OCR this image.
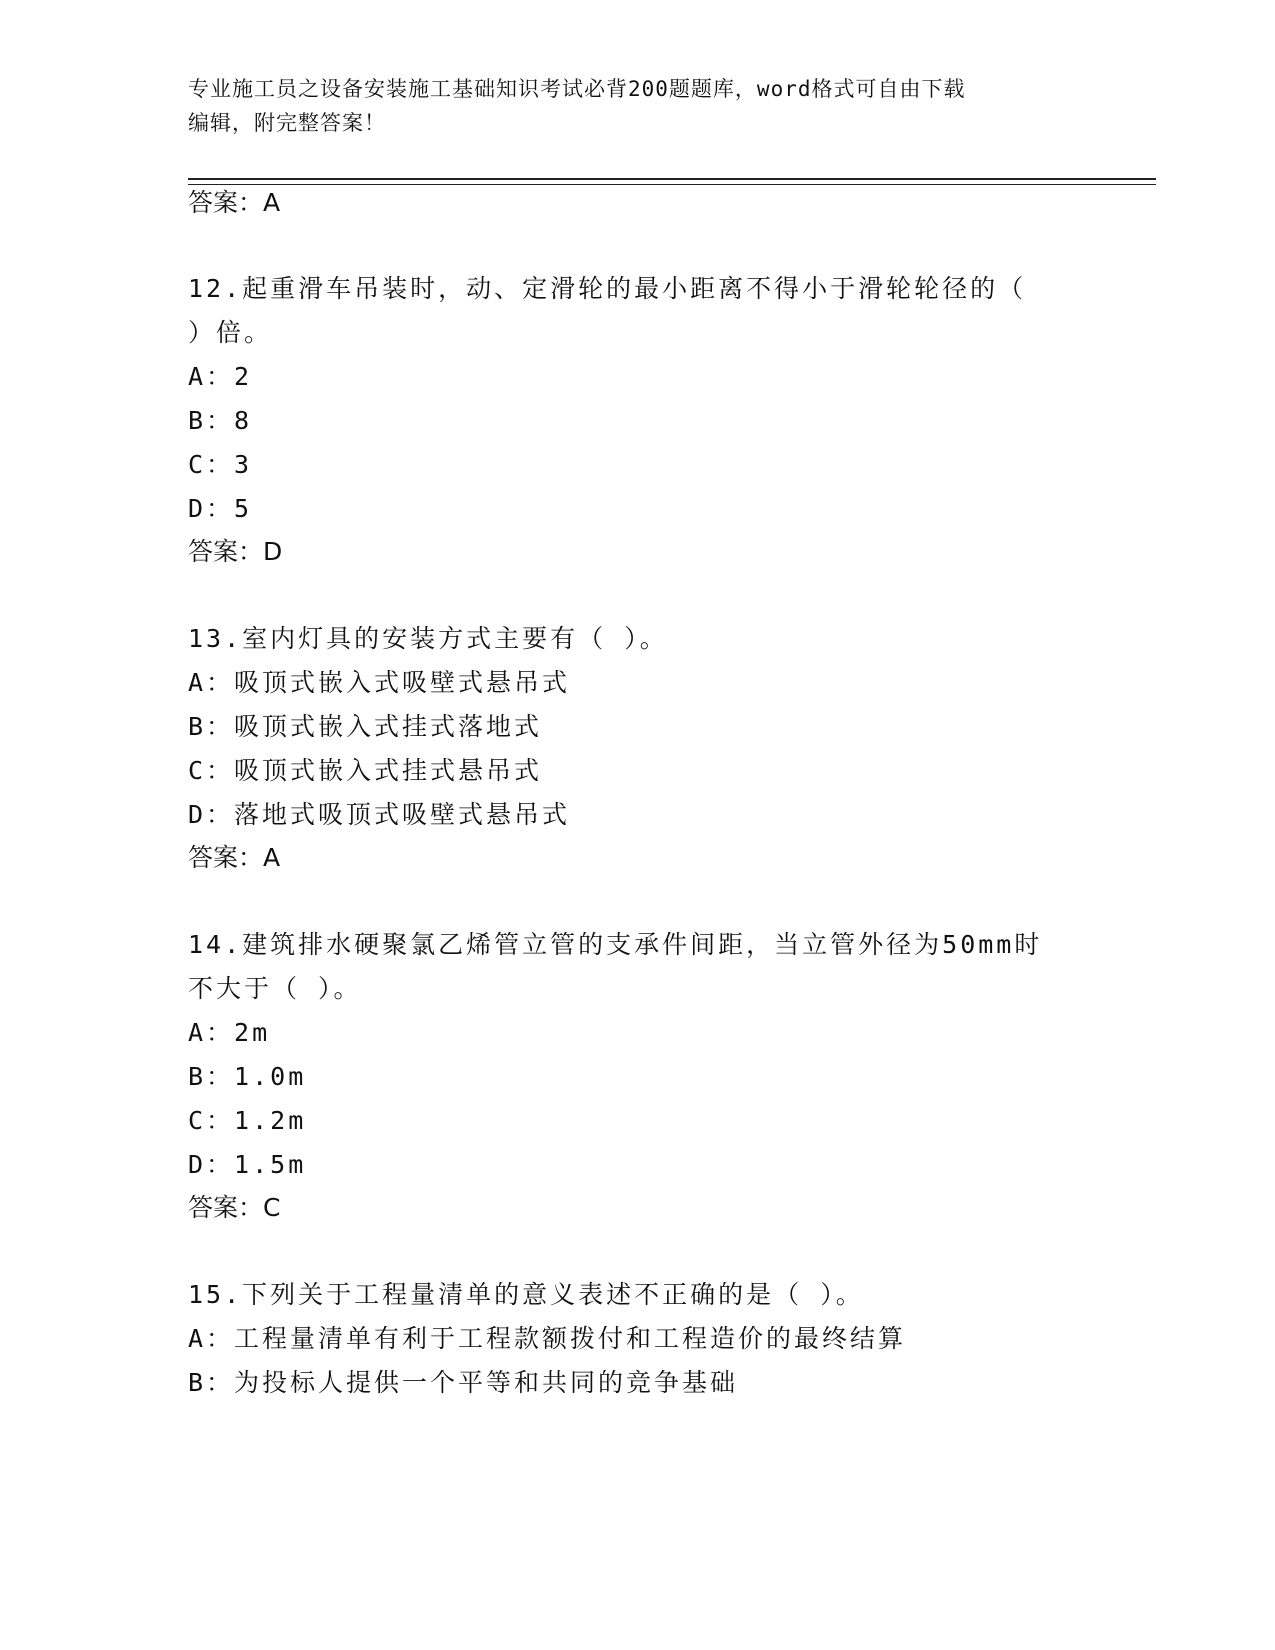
专业施工员之设备安装施工基础知识考试必背200题题库，word格式可自由下载
编辑，附完整答案！
答案：A
12.起重滑车吊装时，动、定滑轮的最小距离不得小于滑轮轮径的（
）倍。
A：2
B：8
C：3
D：5
答案：D
13.室内灯具的安装方式主要有（ ）。
A：吸顶式嵌入式吸壁式悬吊式
B：吸顶式嵌入式挂式落地式
C：吸顶式嵌入式挂式悬吊式
D：落地式吸顶式吸壁式悬吊式
答案：A
14.建筑排水硬聚氯乙烯管立管的支承件间距，当立管外径为50mm时
不大于（ ）。
A：2m
B：1.0m
C：1.2m
D：1.5m
答案：C
15.下列关于工程量清单的意义表述不正确的是（ ）。
A：工程量清单有利于工程款额拨付和工程造价的最终结算
B：为投标人提供一个平等和共同的竞争基础
